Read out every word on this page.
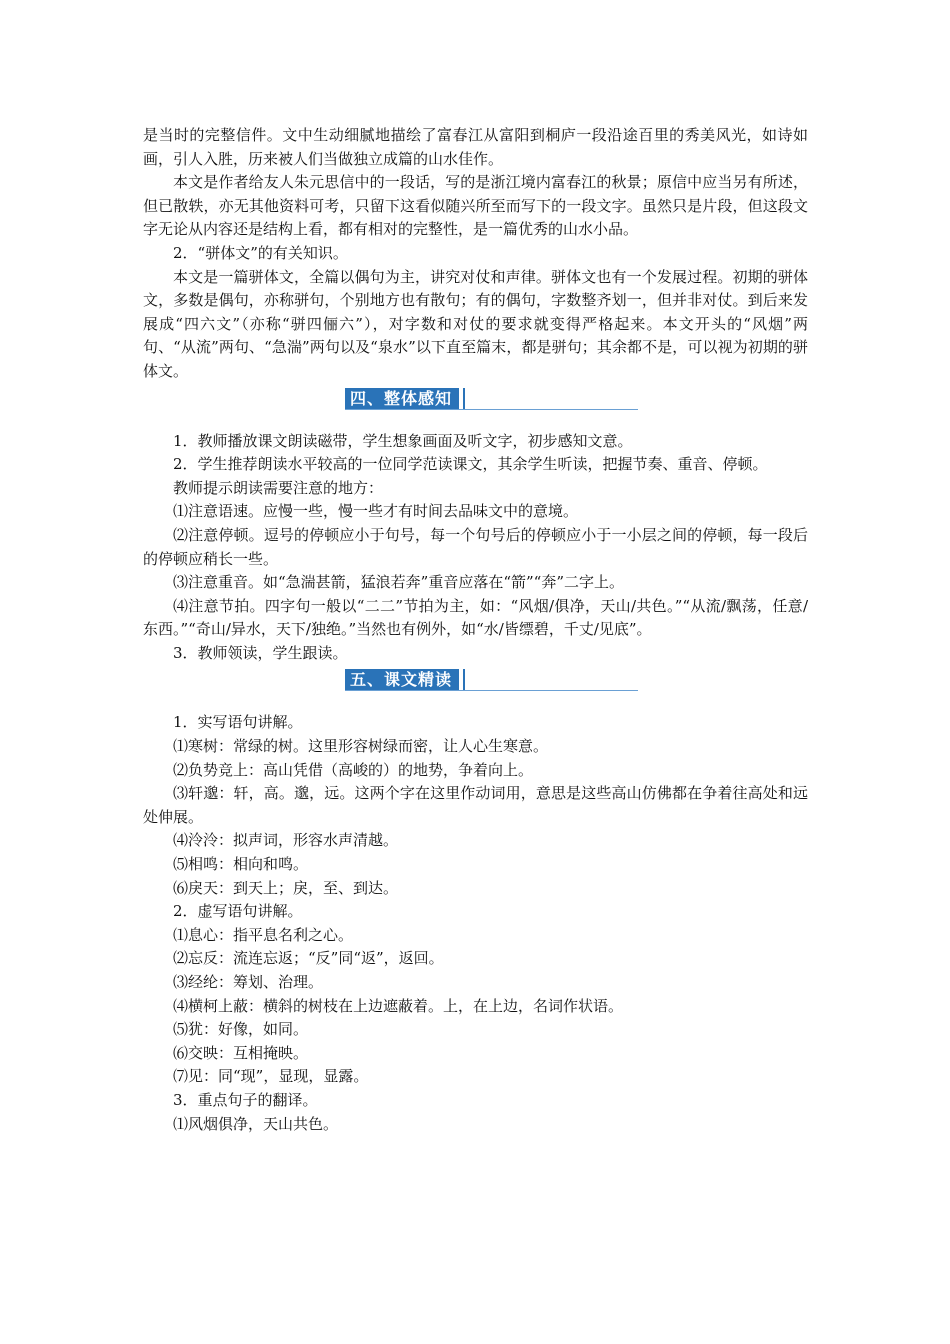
是当时的完整信件。文中生动细腻地描绘了富春江从富阳到桐庐一段沿途百里的秀美风光，如诗如画，引人入胜，历来被人们当做独立成篇的山水佳作。

本文是作者给友人朱元思信中的一段话，写的是浙江境内富春江的秋景；原信中应当另有所述，但已散轶，亦无其他资料可考，只留下这看似随兴所至而写下的一段文字。虽然只是片段，但这段文字无论从内容还是结构上看，都有相对的完整性，是一篇优秀的山水小品。

2．“骈体文”的有关知识。

本文是一篇骈体文，全篇以偶句为主，讲究对仗和声律。骈体文也有一个发展过程。初期的骈体文，多数是偶句，亦称骈句，个别地方也有散句；有的偶句，字数整齐划一，但并非对仗。到后来发展成“四六文”（亦称“骈四俪六”），对字数和对仗的要求就变得严格起来。本文开头的“风烟”两句、“从流”两句、“急湍”两句以及“泉水”以下直至篇末，都是骈句；其余都不是，可以视为初期的骈体文。

四、整体感知

1．教师播放课文朗读磁带，学生想象画面及听文字，初步感知文意。

2．学生推荐朗读水平较高的一位同学范读课文，其余学生听读，把握节奏、重音、停顿。

教师提示朗读需要注意的地方：

⑴注意语速。应慢一些，慢一些才有时间去品味文中的意境。

⑵注意停顿。逗号的停顿应小于句号，每一个句号后的停顿应小于一小层之间的停顿，每一段后的停顿应稍长一些。

⑶注意重音。如“急湍甚箭，猛浪若奔”重音应落在“箭”“奔”二字上。

⑷注意节拍。四字句一般以“二二”节拍为主，如：“风烟/俱净，天山/共色。”“从流/飘荡，任意/东西。”“奇山/异水，天下/独绝。”当然也有例外，如“水/皆缥碧，千丈/见底”。

3．教师领读，学生跟读。

五、课文精读

1．实写语句讲解。

⑴寒树：常绿的树。这里形容树绿而密，让人心生寒意。

⑵负势竞上：高山凭借（高峻的）的地势，争着向上。

⑶轩邈：轩，高。邈，远。这两个字在这里作动词用，意思是这些高山仿佛都在争着往高处和远处伸展。

⑷泠泠：拟声词，形容水声清越。

⑸相鸣：相向和鸣。

⑹戾天：到天上；戾，至、到达。

2．虚写语句讲解。

⑴息心：指平息名利之心。

⑵忘反：流连忘返；“反”同“返”，返回。

⑶经纶：筹划、治理。

⑷横柯上蔽：横斜的树枝在上边遮蔽着。上，在上边，名词作状语。

⑸犹：好像，如同。

⑹交映：互相掩映。

⑺见：同“现”，显现，显露。

3．重点句子的翻译。

⑴风烟俱净，天山共色。
